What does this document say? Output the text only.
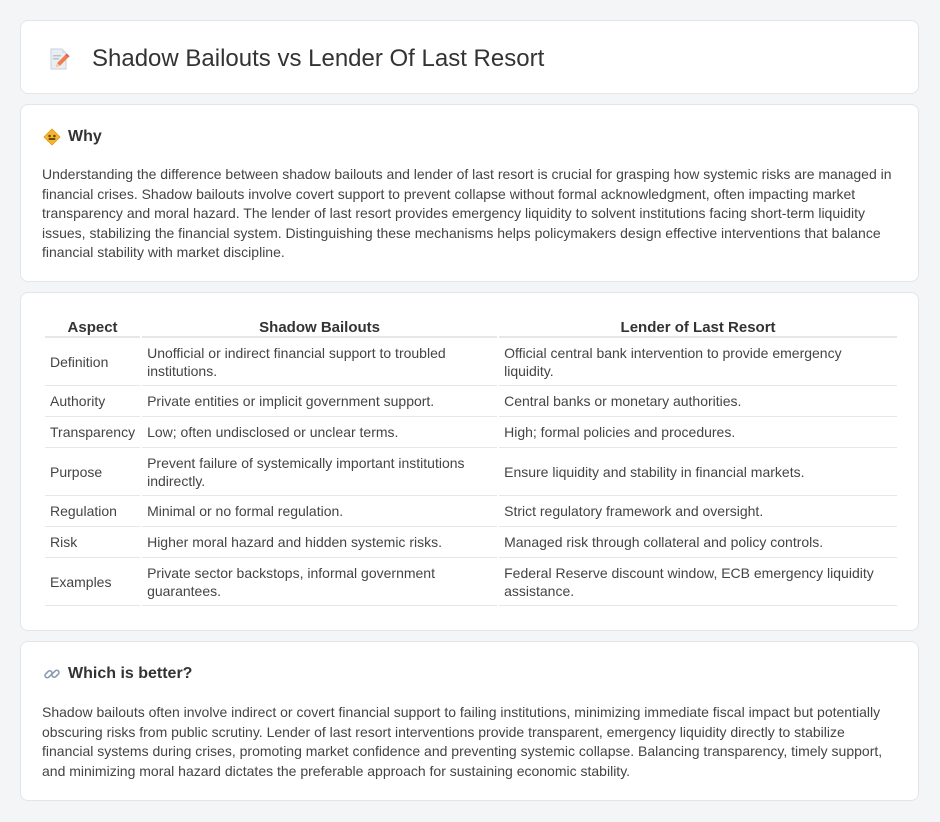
Shadow Bailouts vs Lender Of Last Resort
Why

Understanding the difference between shadow bailouts and lender of last resort is crucial for grasping how systemic risks are managed in financial crises. Shadow bailouts involve covert support to prevent collapse without formal acknowledgment, often impacting market transparency and moral hazard. The lender of last resort provides emergency liquidity to solvent institutions facing short-term liquidity issues, stabilizing the financial system. Distinguishing these mechanisms helps policymakers design effective interventions that balance financial stability with market discipline.

Aspect	Shadow Bailouts	Lender of Last Resort
Definition	Unofficial or indirect financial support to troubled institutions.	Official central bank intervention to provide emergency liquidity.
Authority	Private entities or implicit government support.	Central banks or monetary authorities.
Transparency	Low; often undisclosed or unclear terms.	High; formal policies and procedures.
Purpose	Prevent failure of systemically important institutions indirectly.	Ensure liquidity and stability in financial markets.
Regulation	Minimal or no formal regulation.	Strict regulatory framework and oversight.
Risk	Higher moral hazard and hidden systemic risks.	Managed risk through collateral and policy controls.
Examples	Private sector backstops, informal government guarantees.	Federal Reserve discount window, ECB emergency liquidity assistance.
Which is better?

Shadow bailouts often involve indirect or covert financial support to failing institutions, minimizing immediate fiscal impact but potentially obscuring risks from public scrutiny. Lender of last resort interventions provide transparent, emergency liquidity directly to stabilize financial systems during crises, promoting market confidence and preventing systemic collapse. Balancing transparency, timely support, and minimizing moral hazard dictates the preferable approach for sustaining economic stability.
